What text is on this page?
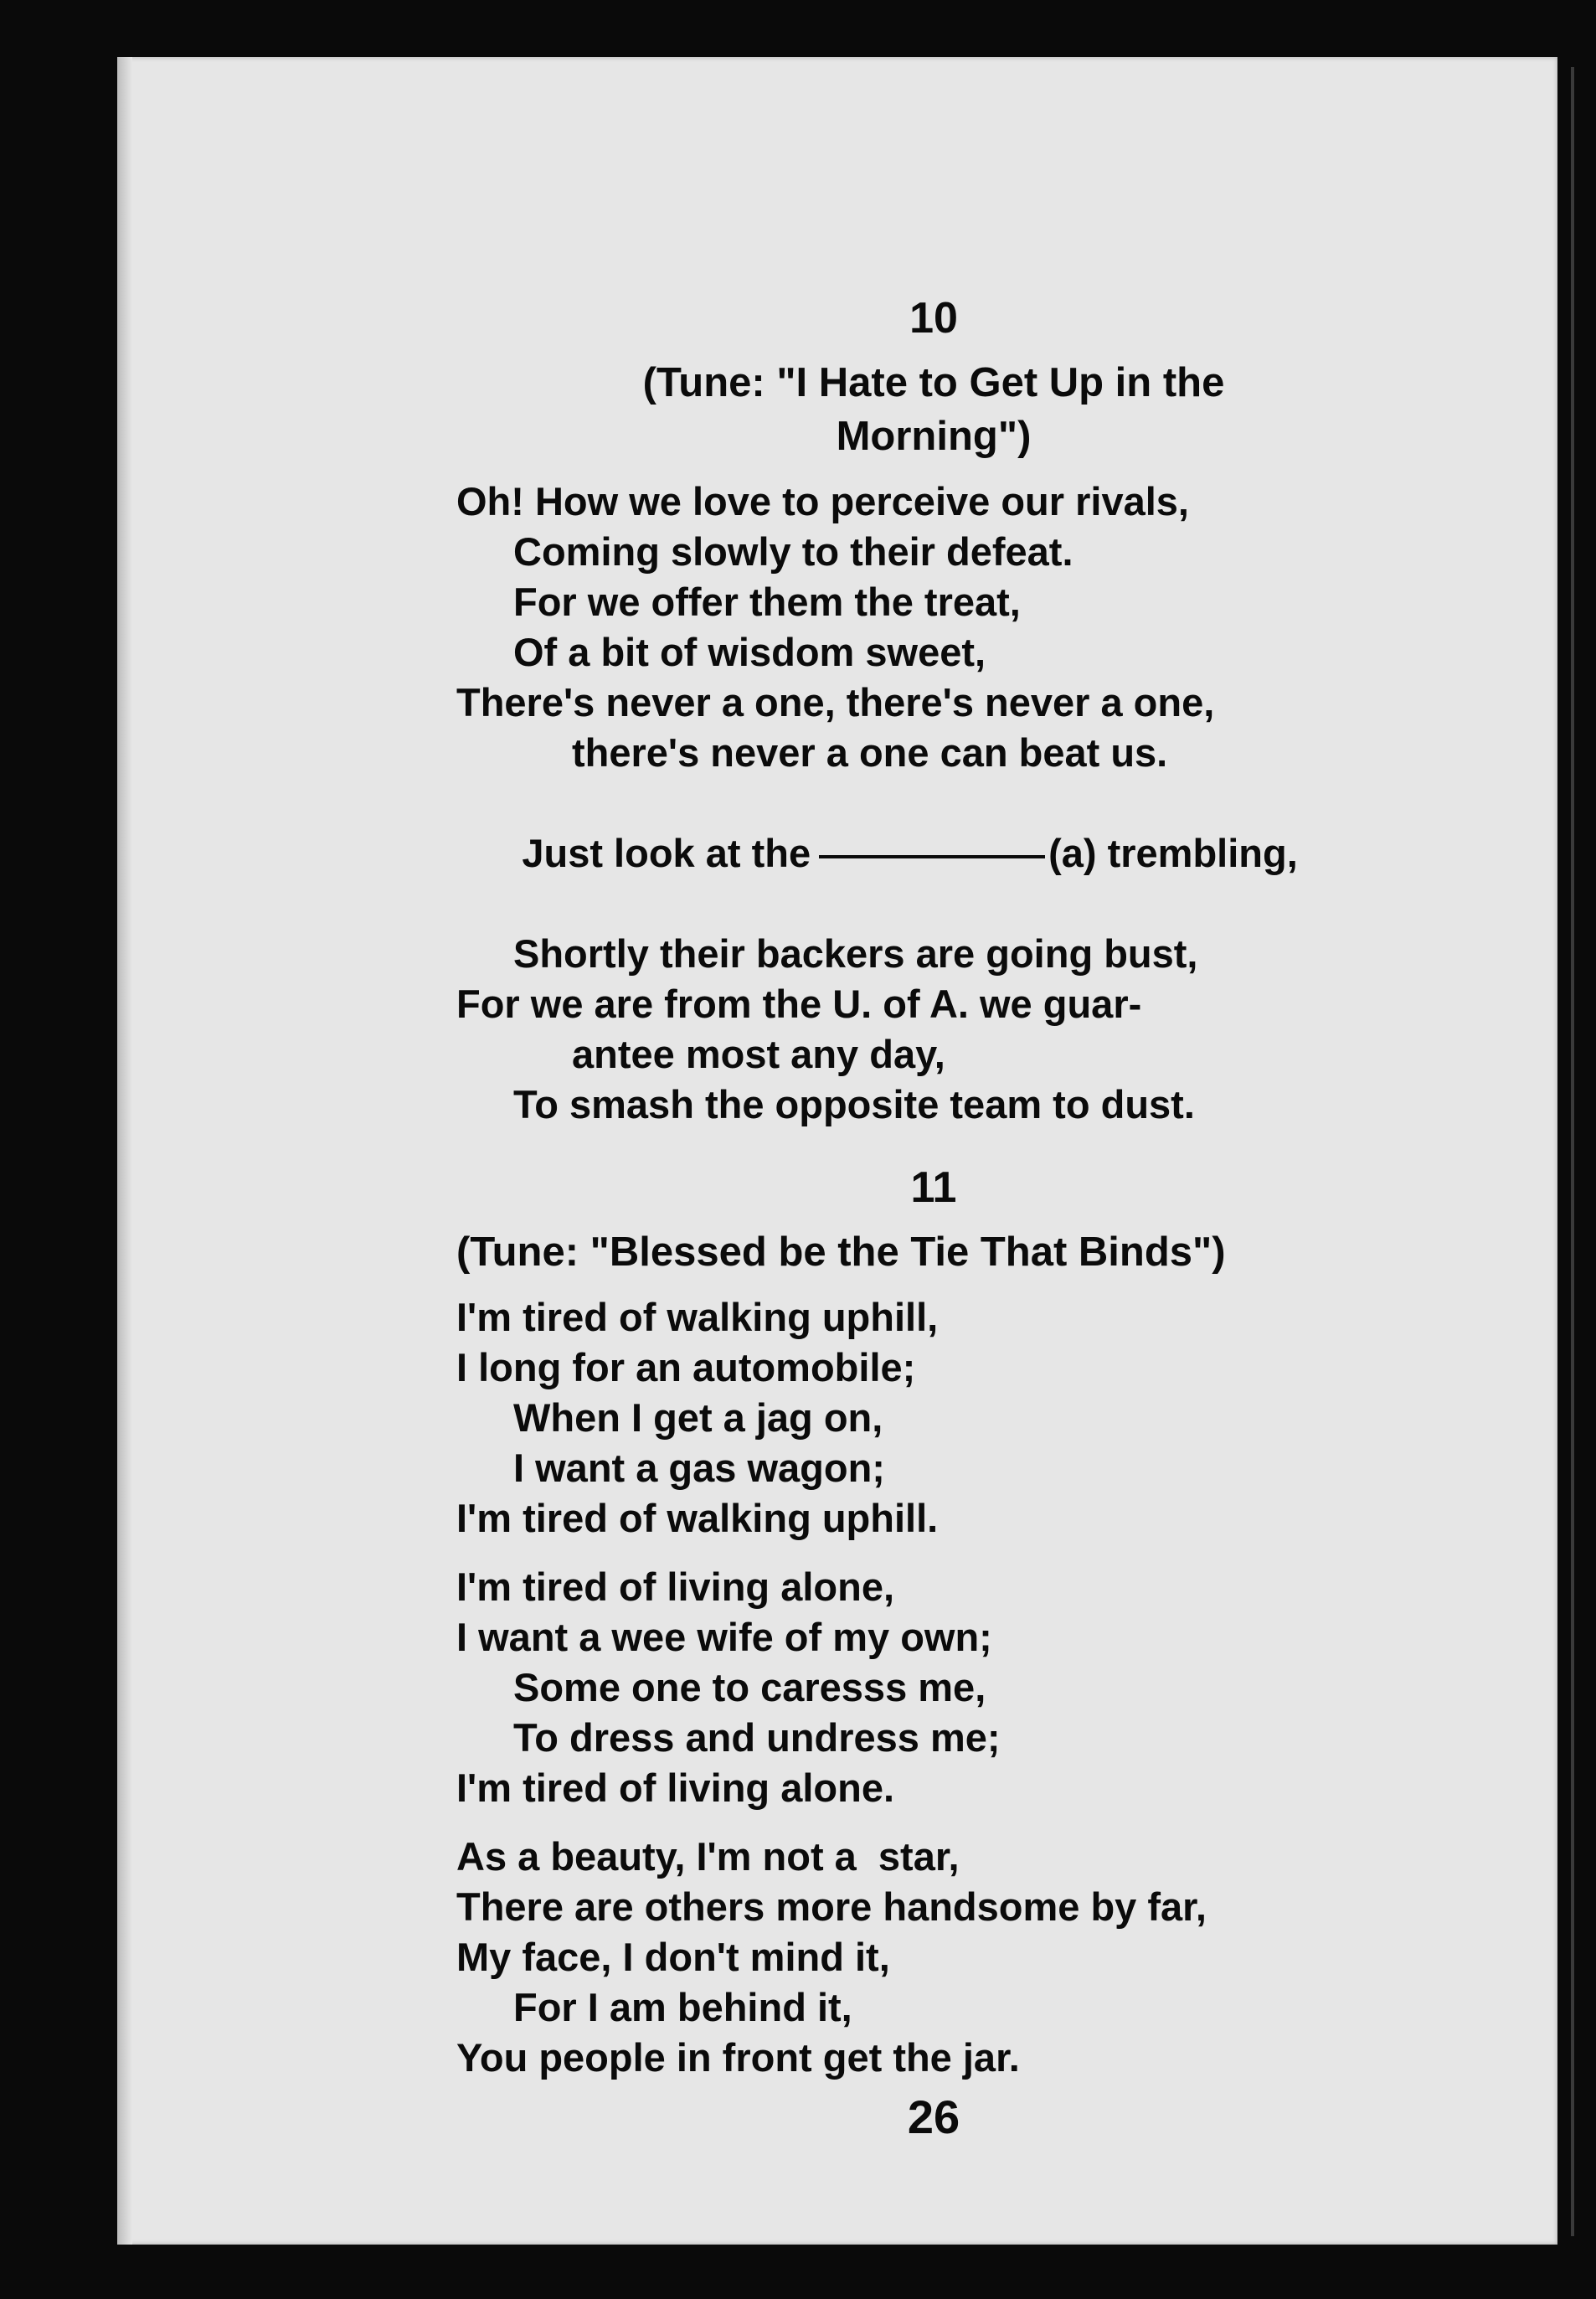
10
(Tune: "I Hate to Get Up in the
Morning")
Oh! How we love to perceive our rivals,
Coming slowly to their defeat.
For we offer them the treat,
Of a bit of wisdom sweet,
There's never a one, there's never a one,
there's never a one can beat us.

Just look at the	(a) trembling,

Shortly their backers are going bust,
For we are from the U. of A. we guar-
antee most any day,
To smash the opposite team to dust.
11
(Tune: "Blessed be the Tie That Binds")
I'm tired of walking uphill,
I long for an automobile;
When I get a jag on,
I want a gas wagon;
I'm tired of walking uphill.
I'm tired of living alone,
I want a wee wife of my own;
Some one to caresss me,
To dress and undress me;
I'm tired of living alone.
As a beauty, I'm not a  star,
There are others more handsome by far,
My face, I don't mind it,
For I am behind it,
You people in front get the jar.
26
